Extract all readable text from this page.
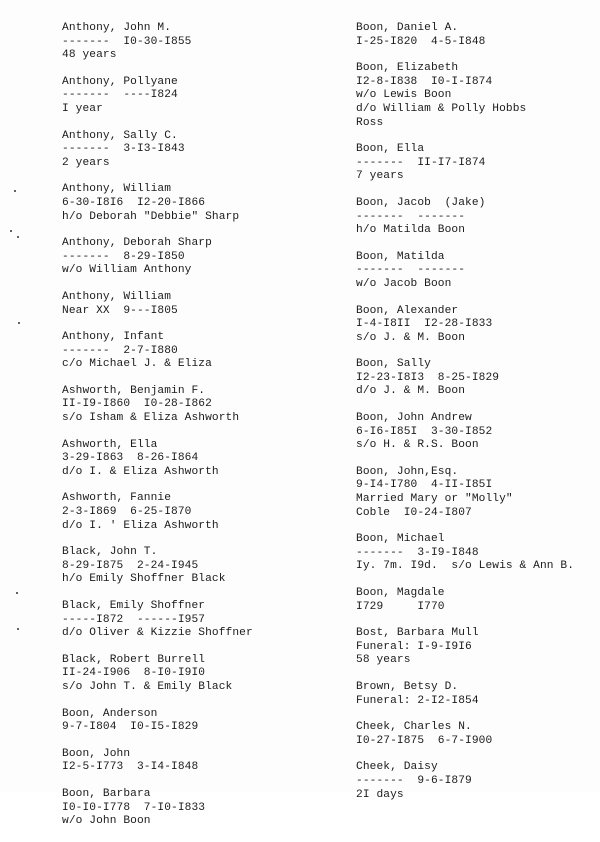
Anthony, John M.
-------  I0-30-I855
48 years
Anthony, Pollyane
-------  ----I824
I year
Anthony, Sally C.
-------  3-I3-I843
2 years
Anthony, William
6-30-I8I6  I2-20-I866
h/o Deborah "Debbie" Sharp
Anthony, Deborah Sharp
-------  8-29-I850
w/o William Anthony
Anthony, William
Near XX  9---I805
Anthony, Infant
-------  2-7-I880
c/o Michael J. & Eliza
Ashworth, Benjamin F.
II-I9-I860  I0-28-I862
s/o Isham & Eliza Ashworth
Ashworth, Ella
3-29-I863  8-26-I864
d/o I. & Eliza Ashworth
Ashworth, Fannie
2-3-I869  6-25-I870
d/o I. ' Eliza Ashworth
Black, John T.
8-29-I875  2-24-I945
h/o Emily Shoffner Black
Black, Emily Shoffner
-----I872  ------I957
d/o Oliver & Kizzie Shoffner
Black, Robert Burrell
II-24-I906  8-I0-I9I0
s/o John T. & Emily Black
Boon, Anderson
9-7-I804  I0-I5-I829
Boon, John
I2-5-I773  3-I4-I848
Boon, Barbara
I0-I0-I778  7-I0-I833
w/o John Boon
Boon, Daniel A.
I-25-I820  4-5-I848
Boon, Elizabeth
I2-8-I838  I0-I-I874
w/o Lewis Boon
d/o William & Polly Hobbs
Ross
Boon, Ella
-------  II-I7-I874
7 years
Boon, Jacob  (Jake)
-------  -------
h/o Matilda Boon
Boon, Matilda
-------  -------
w/o Jacob Boon
Boon, Alexander
I-4-I8II  I2-28-I833
s/o J. & M. Boon
Boon, Sally
I2-23-I8I3  8-25-I829
d/o J. & M. Boon
Boon, John Andrew
6-I6-I85I  3-30-I852
s/o H. & R.S. Boon
Boon, John,Esq.
9-I4-I780  4-II-I85I
Married Mary or "Molly"
Coble  I0-24-I807
Boon, Michael
-------  3-I9-I848
Iy. 7m. I9d.  s/o Lewis & Ann B.
Boon, Magdale
I729     I770
Bost, Barbara Mull
Funeral: I-9-I9I6
58 years
Brown, Betsy D.
Funeral: 2-I2-I854
Cheek, Charles N.
I0-27-I875  6-7-I900
Cheek, Daisy
-------  9-6-I879
2I days
